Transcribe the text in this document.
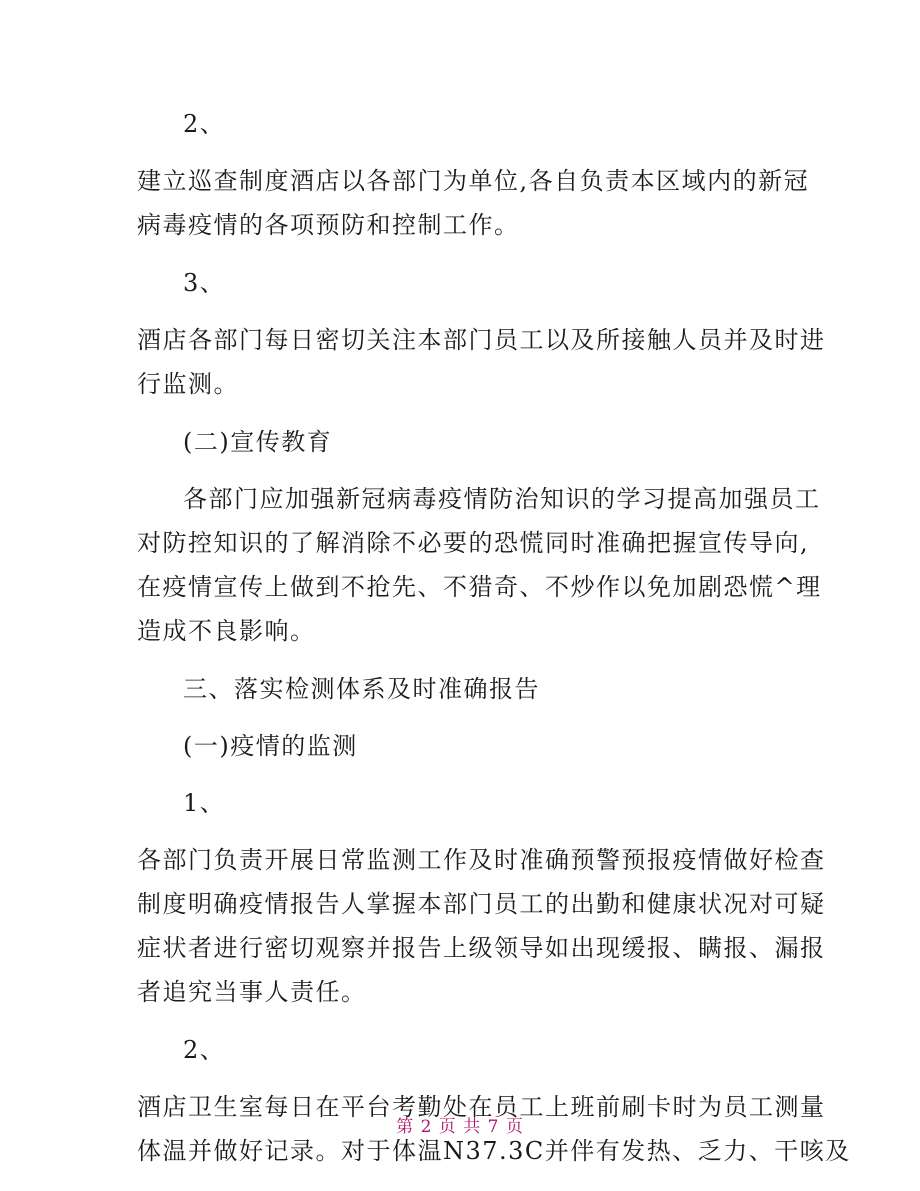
2、
建立巡查制度酒店以各部门为单位,各自负责本区域内的新冠
病毒疫情的各项预防和控制工作。
3、
酒店各部门每日密切关注本部门员工以及所接触人员并及时进
行监测。
(二)宣传教育
各部门应加强新冠病毒疫情防治知识的学习提高加强员工
对防控知识的了解消除不必要的恐慌同时准确把握宣传导向,
在疫情宣传上做到不抢先、不猎奇、不炒作以免加剧恐慌^理
造成不良影响。
三、落实检测体系及时准确报告
(一)疫情的监测
1、
各部门负责开展日常监测工作及时准确预警预报疫情做好检查
制度明确疫情报告人掌握本部门员工的出勤和健康状况对可疑
症状者进行密切观察并报告上级领导如出现缓报、瞒报、漏报
者追究当事人责任。
2、
酒店卫生室每日在平台考勤处在员工上班前刷卡时为员工测量
体温并做好记录。对于体温N37.3C并伴有发热、乏力、干咳及
第 2 页 共 7 页
